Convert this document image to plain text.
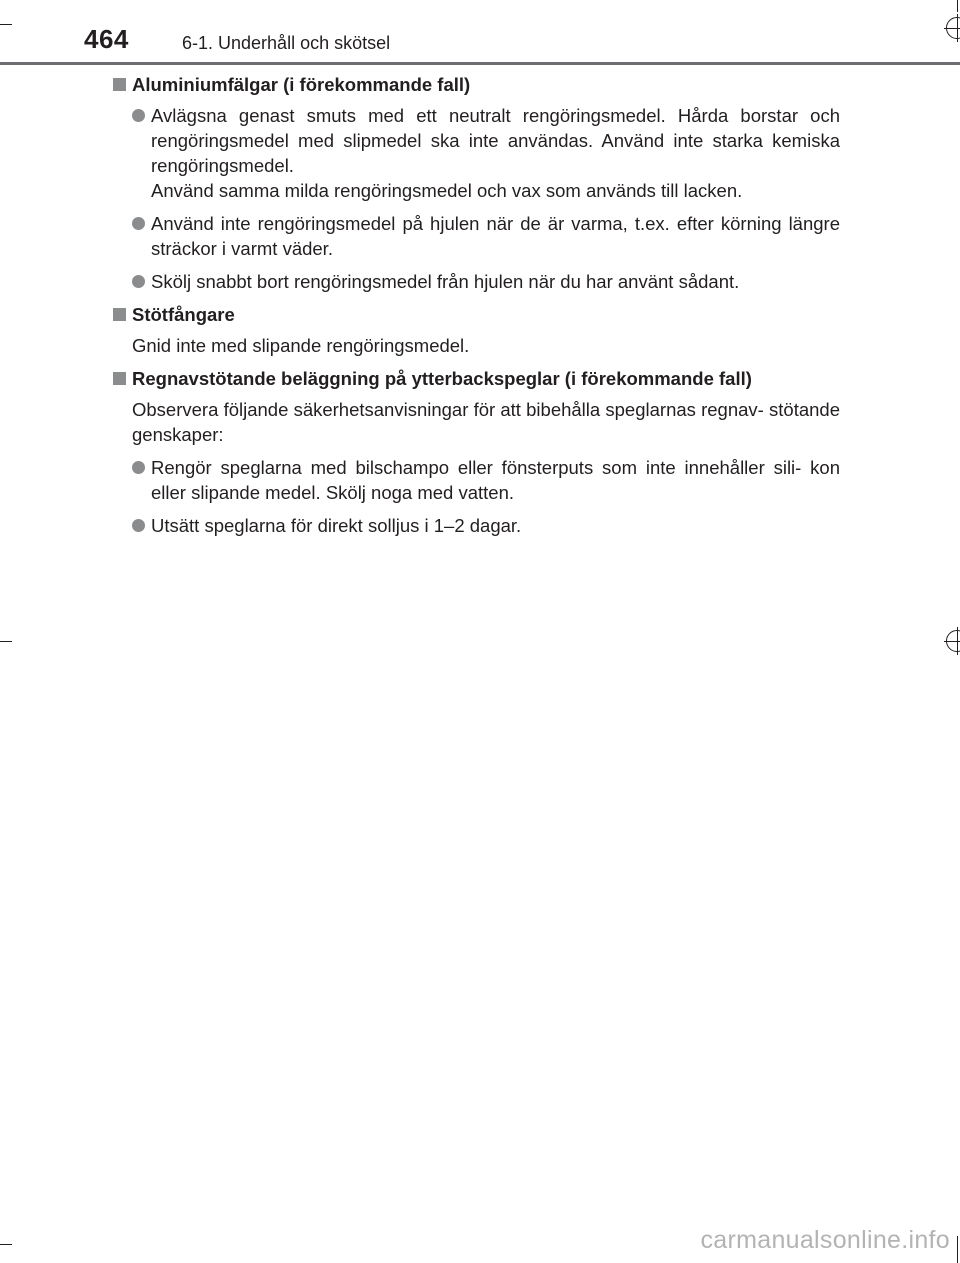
464	6-1. Underhåll och skötsel
Aluminiumfälgar (i förekommande fall)
Avlägsna genast smuts med ett neutralt rengöringsmedel. Hårda borstar och rengöringsmedel med slipmedel ska inte användas. Använd inte starka kemiska rengöringsmedel.
Använd samma milda rengöringsmedel och vax som används till lacken.
Använd inte rengöringsmedel på hjulen när de är varma, t.ex. efter körning längre sträckor i varmt väder.
Skölj snabbt bort rengöringsmedel från hjulen när du har använt sådant.
Stötfångare

Gnid inte med slipande rengöringsmedel.

Regnavstötande beläggning på ytterbackspeglar (i förekommande fall)

Observera följande säkerhetsanvisningar för att bibehålla speglarnas regnav- stötande genskaper:

Rengör speglarna med bilschampo eller fönsterputs som inte innehåller sili- kon eller slipande medel. Skölj noga med vatten.
Utsätt speglarna för direkt solljus i 1–2 dagar.
carmanualsonline.info
